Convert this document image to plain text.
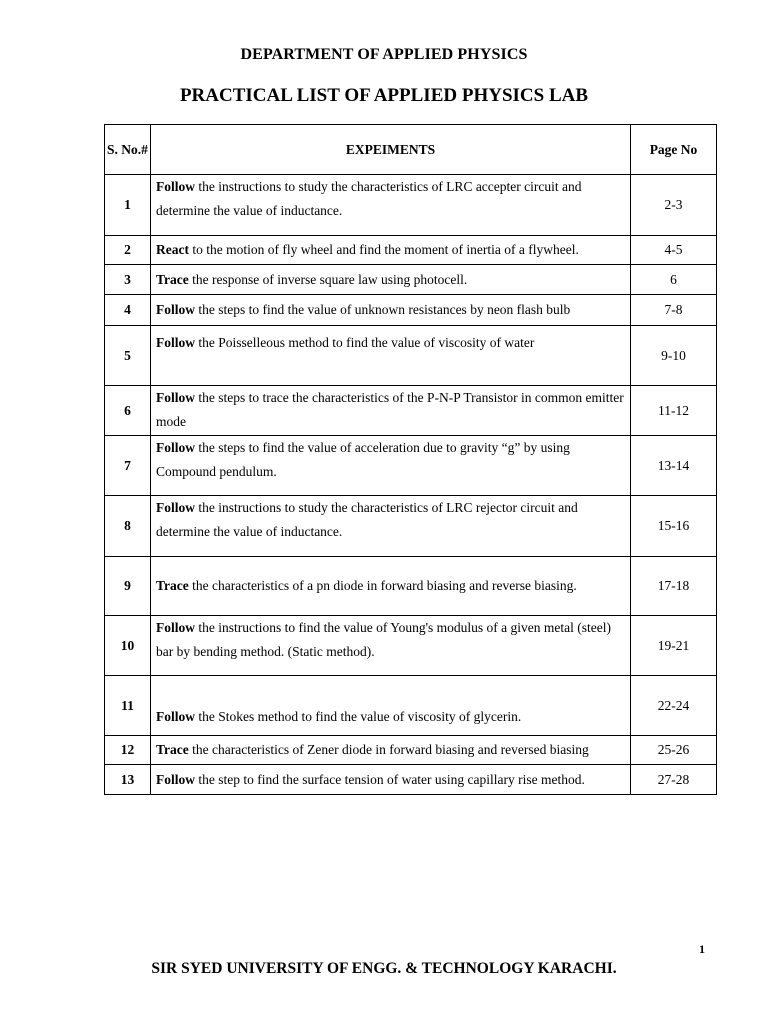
DEPARTMENT OF APPLIED PHYSICS
PRACTICAL LIST OF APPLIED PHYSICS LAB
S. No.#	EXPEIMENTS	Page No
1	Follow the instructions to study the characteristics of LRC accepter circuit and determine the value of inductance.	2-3
2	React to the motion of fly wheel and find the moment of inertia of a flywheel.	4-5
3	Trace the response of inverse square law using photocell.	6
4	Follow the steps to find the value of unknown resistances by neon flash bulb	7-8
5	Follow the Poisselleous method to find the value of viscosity of water	9-10
6	Follow the steps to trace the characteristics of the P-N-P Transistor in common emitter mode	11-12
7	Follow the steps to find the value of acceleration due to gravity “g” by using Compound pendulum.	13-14
8	Follow the instructions to study the characteristics of LRC rejector circuit and determine the value of inductance.	15-16
9	Trace the characteristics of a pn diode in forward biasing and reverse biasing.	17-18
10	Follow the instructions to find the value of Young's modulus of a given metal (steel) bar by bending method. (Static method).	19-21
11	Follow the Stokes method to find the value of viscosity of glycerin.	22-24
12	Trace the characteristics of Zener diode in forward biasing and reversed biasing	25-26
13	Follow the step to find the surface tension of water using capillary rise method.	27-28
1
SIR SYED UNIVERSITY OF ENGG. & TECHNOLOGY KARACHI.
